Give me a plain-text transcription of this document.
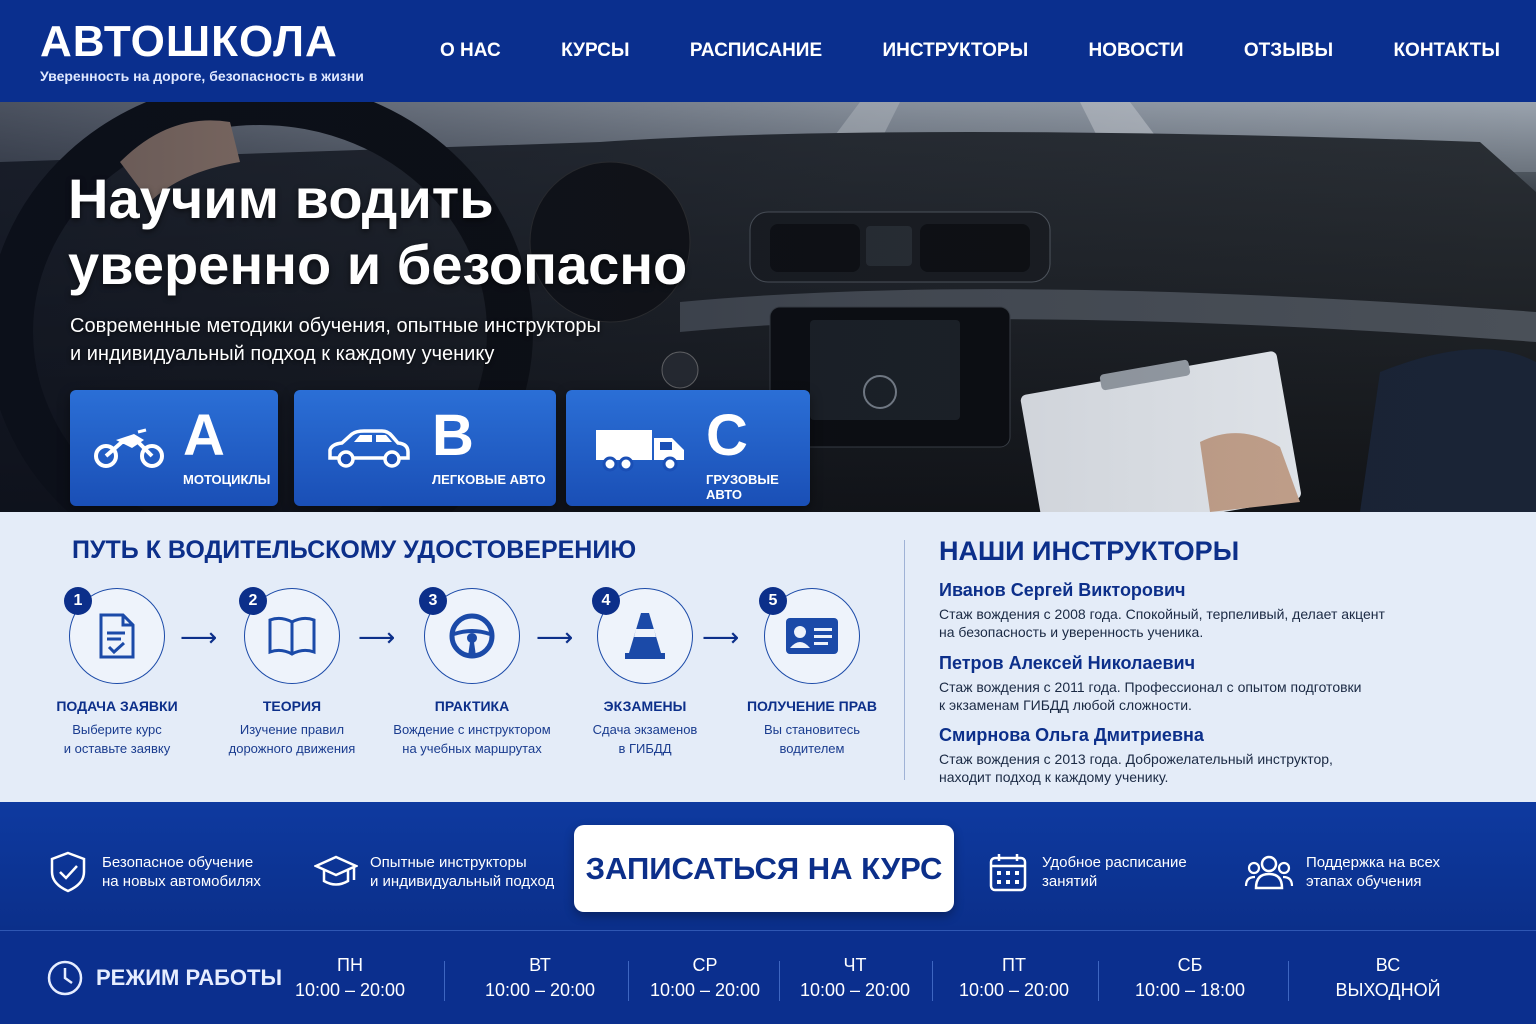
АВТОШКОЛА
Уверенность на дороге, безопасность в жизни
О НАС	КУРСЫ	РАСПИСАНИЕ	ИНСТРУКТОРЫ	НОВОСТИ	ОТЗЫВЫ	КОНТАКТЫ
Научим водить
уверенно и безопасно
Современные методики обучения, опытные инструкторы
и индивидуальный подход к каждому ученику
A
МОТОЦИКЛЫ
B
ЛЕГКОВЫЕ АВТО
C
ГРУЗОВЫЕ АВТО
ПУТЬ К ВОДИТЕЛЬСКОМУ УДОСТОВЕРЕНИЮ
1
ПОДАЧА ЗАЯВКИ
Выберите курс
и оставьте заявку
⟶
2
ТЕОРИЯ
Изучение правил
дорожного движения
⟶
3
ПРАКТИКА
Вождение с инструктором
на учебных маршрутах
⟶
4
ЭКЗАМЕНЫ
Сдача экзаменов
в ГИБДД
⟶
5
ПОЛУЧЕНИЕ ПРАВ
Вы становитесь
водителем
НАШИ ИНСТРУКТОРЫ
Иванов Сергей Викторович
Стаж вождения с 2008 года. Спокойный, терпеливый, делает акцент
на безопасность и уверенность ученика.
Петров Алексей Николаевич
Стаж вождения с 2011 года. Профессионал с опытом подготовки
к экзаменам ГИБДД любой сложности.
Смирнова Ольга Дмитриевна
Стаж вождения с 2013 года. Доброжелательный инструктор,
находит подход к каждому ученику.
Безопасное обучение
на новых автомобилях
Опытные инструкторы
и индивидуальный подход	ЗАПИСАТЬСЯ НА КУРС	Удобное расписание
занятий
Поддержка на всех
этапах обучения
РЕЖИМ РАБОТЫ	ПН
10:00 – 20:00
ВТ
10:00 – 20:00
СР
10:00 – 20:00
ЧТ
10:00 – 20:00
ПТ
10:00 – 20:00
СБ
10:00 – 18:00
ВС
ВЫХОДНОЙ
